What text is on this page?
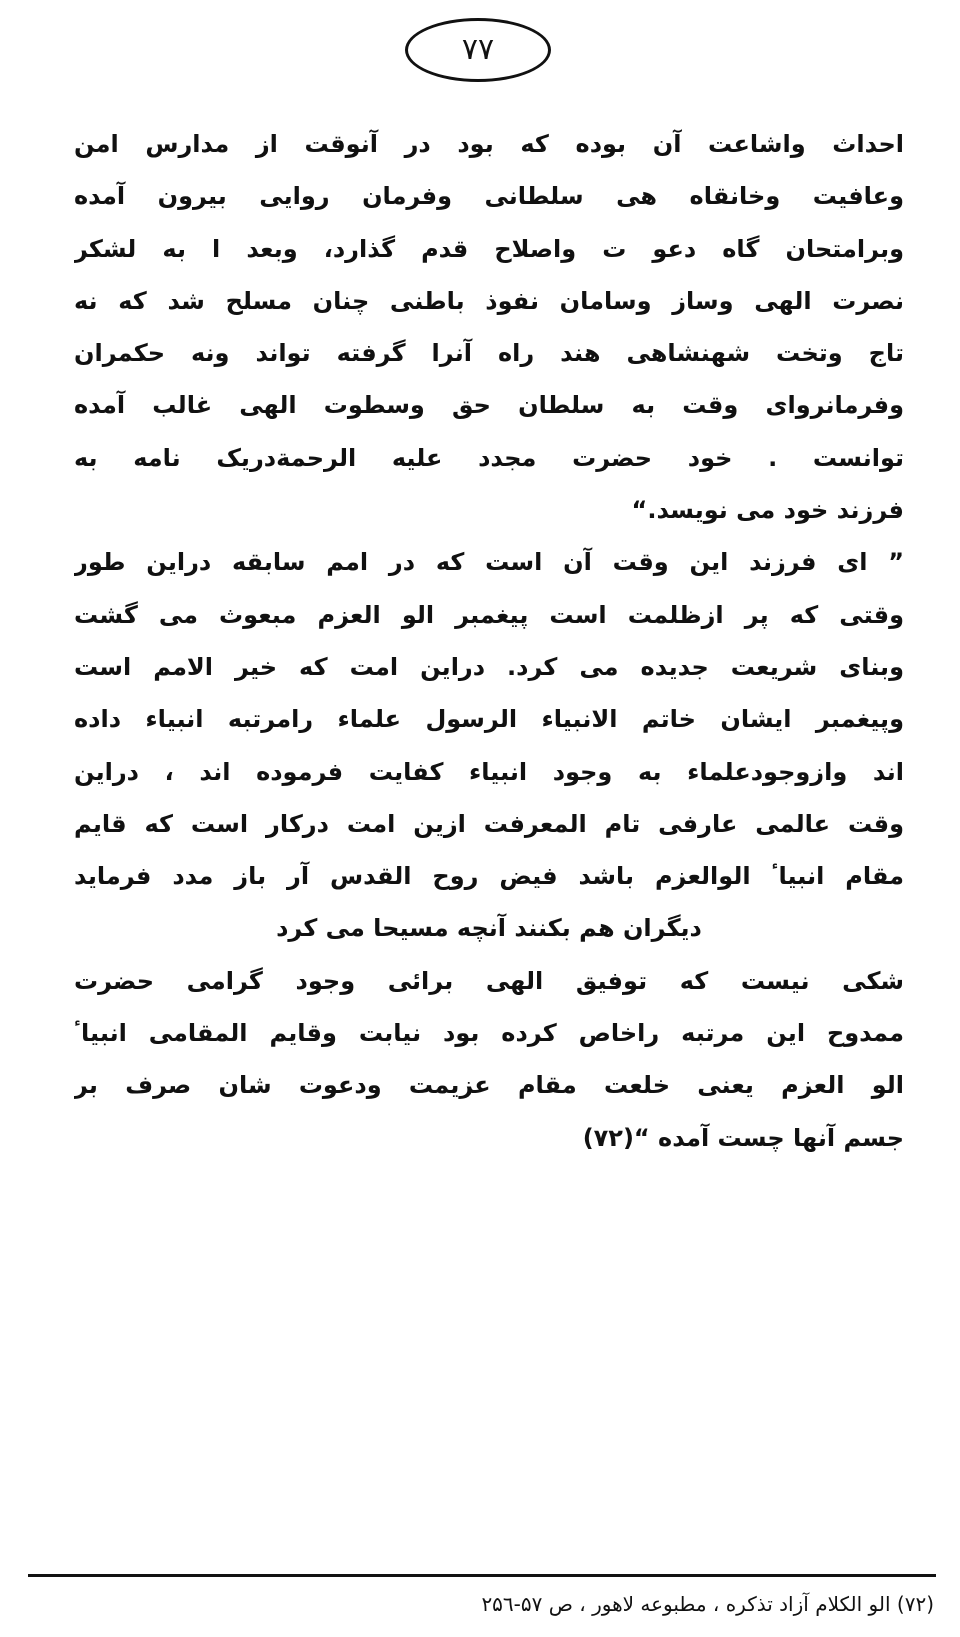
۷۷
احداث واشاعت آن بوده که بود در آنوقت از مدارس امن
وعافیت وخانقاه هی سلطانی وفرمان روایی بیرون آمده
وبرامتحان گاه دعو ت واصلاح قدم گذارد، وبعد ا به لشکر
نصرت الهی وساز وسامان نفوذ باطنی چنان مسلح شد که نه
تاج وتخت شهنشاهی هند راه آنرا گرفته تواند ونه حکمران
وفرمانروای وقت به سلطان حق وسطوت الهی غالب آمده
توانست . خود حضرت مجدد علیه الرحمةدریک نامه به
فرزند خود می نویسد.“
” ای فرزند این وقت آن است که در امم سابقه دراین طور
وقتی که پر ازظلمت است پیغمبر الو العزم مبعوث می گشت
وبنای شریعت جدیده می کرد. دراین امت که خیر الامم است
وپیغمبر ایشان خاتم الانبیاء الرسول علماء رامرتبه انبیاء داده
اند وازوجودعلماء به وجود انبیاء کفایت فرموده اند ، دراین
وقت عالمی عارفی تام المعرفت ازین امت درکار است که قایم
مقام انبیاٴ الوالعزم باشد فیض روح القدس آر باز مدد فرماید
دیگران هم بکنند آنچه مسیحا می کرد
شکی نیست که توفیق الهی برائی وجود گرامی حضرت
ممدوح این مرتبه راخاص کرده بود نیابت وقایم المقامی انبیاٴ
الو العزم یعنی خلعت مقام عزیمت ودعوت شان صرف بر
جسم آنها چست آمده “(۷۲)
(۷۲) الو الکلام آزاد تذکره ، مطبوعه لاهور ، ص ۵۷-۲۵٦
